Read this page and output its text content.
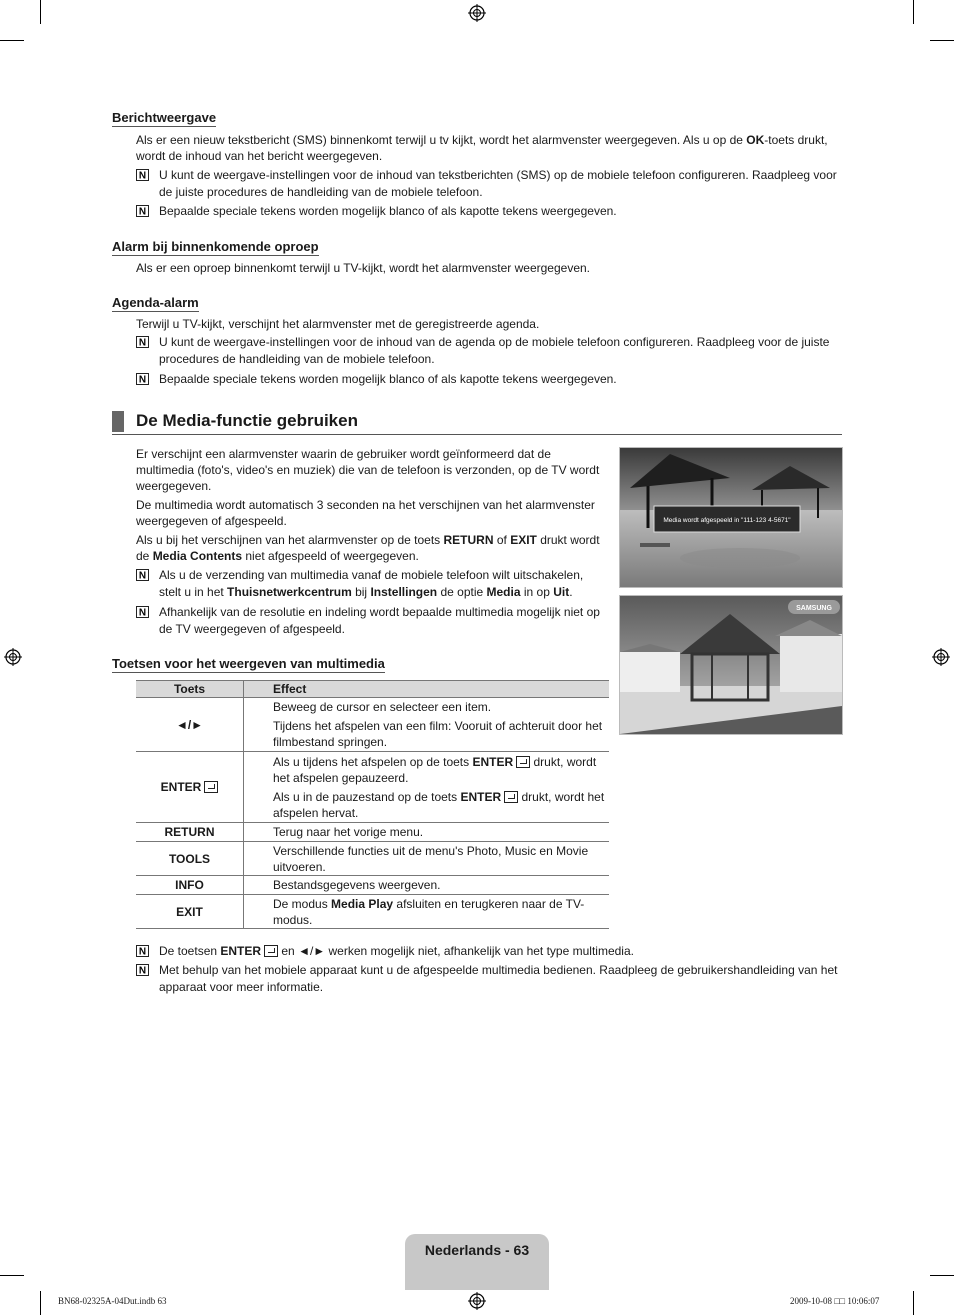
Berichtweergave
Als er een nieuw tekstbericht (SMS) binnenkomt terwijl u tv kijkt, wordt het alarmvenster weergegeven. Als u op de OK-toets drukt, wordt de inhoud van het bericht weergegeven.
N U kunt de weergave-instellingen voor de inhoud van tekstberichten (SMS) op de mobiele telefoon configureren. Raadpleeg voor de juiste procedures de handleiding van de mobiele telefoon.
N Bepaalde speciale tekens worden mogelijk blanco of als kapotte tekens weergegeven.
Alarm bij binnenkomende oproep
Als er een oproep binnenkomt terwijl u TV-kijkt, wordt het alarmvenster weergegeven.
Agenda-alarm
Terwijl u TV-kijkt, verschijnt het alarmvenster met de geregistreerde agenda.
N U kunt de weergave-instellingen voor de inhoud van de agenda op de mobiele telefoon configureren. Raadpleeg voor de juiste procedures de handleiding van de mobiele telefoon.
N Bepaalde speciale tekens worden mogelijk blanco of als kapotte tekens weergegeven.
De Media-functie gebruiken
Er verschijnt een alarmvenster waarin de gebruiker wordt geïnformeerd dat de multimedia (foto's, video's en muziek) die van de telefoon is verzonden, op de TV wordt weergegeven.
De multimedia wordt automatisch 3 seconden na het verschijnen van het alarmvenster weergegeven of afgespeeld.
Als u bij het verschijnen van het alarmvenster op de toets RETURN of EXIT drukt wordt de Media Contents niet afgespeeld of weergegeven.
N Als u de verzending van multimedia vanaf de mobiele telefoon wilt uitschakelen, stelt u in het Thuisnetwerkcentrum bij Instellingen de optie Media in op Uit.
N Afhankelijk van de resolutie en indeling wordt bepaalde multimedia mogelijk niet op de TV weergegeven of afgespeeld.
Media wordt afgespeeld in "111-123 4-5671"
SAMSUNG
Toetsen voor het weergeven van multimedia
Toets	Effect
◄/►	Beweeg de cursor en selecteer een item.
Tijdens het afspelen van een film: Vooruit of achteruit door het filmbestand springen.

ENTER	Als u tijdens het afspelen op de toets ENTER drukt, wordt het afspelen gepauzeerd.
Als u in de pauzestand op de toets ENTER drukt, wordt het afspelen hervat.

RETURN	Terug naar het vorige menu.
TOOLS	Verschillende functies uit de menu's Photo, Music en Movie uitvoeren.
INFO	Bestandsgegevens weergeven.
EXIT	De modus Media Play afsluiten en terugkeren naar de TV-modus.
N De toetsen ENTER en ◄/► werken mogelijk niet, afhankelijk van het type multimedia.
N Met behulp van het mobiele apparaat kunt u de afgespeelde multimedia bedienen. Raadpleeg de gebruikershandleiding van het apparaat voor meer informatie.
Nederlands - 63
BN68-02325A-04Dut.indb 63	2009-10-08 □□ 10:06:07
